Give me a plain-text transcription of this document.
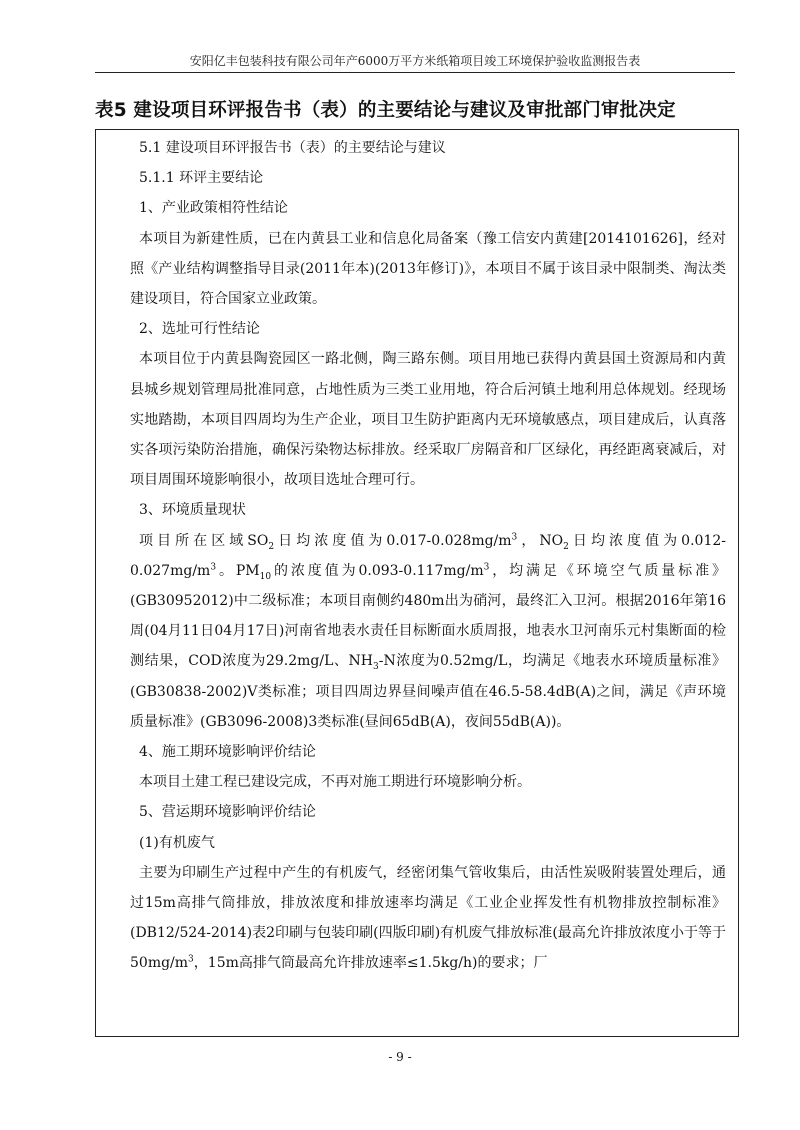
安阳亿丰包装科技有限公司年产6000万平方米纸箱项目竣工环境保护验收监测报告表
表5 建设项目环评报告书（表）的主要结论与建议及审批部门审批决定

5.1 建设项目环评报告书（表）的主要结论与建议

5.1.1 环评主要结论

1、产业政策相符性结论

本项目为新建性质，已在内黄县工业和信息化局备案（豫工信安内黄建[2014101626]，经对照《产业结构调整指导目录(2011年本)(2013年修订)》，本项目不属于该目录中限制类、淘汰类建设项目，符合国家立业政策。

2、选址可行性结论

本项目位于内黄县陶瓷园区一路北侧，陶三路东侧。项目用地已获得内黄县国土资源局和内黄县城乡规划管理局批准同意，占地性质为三类工业用地，符合后河镇土地利用总体规划。经现场实地踏勘，本项目四周均为生产企业，项目卫生防护距离内无环境敏感点，项目建成后，认真落实各项污染防治措施，确保污染物达标排放。经采取厂房隔音和厂区绿化，再经距离衰减后，对项目周围环境影响很小，故项目选址合理可行。

3、环境质量现状

项目所在区域$SO_2$日均浓度值为$0.017-0.028mg/m^3$，$NO_2$日均浓度值为$0.012-0.027mg/m^3$。$PM_{10}$的浓度值为$0.093-0.117mg/m^3$，均满足《环境空气质量标准》(GB30952012)中二级标准；本项目南侧约480m出为硝河，最终汇入卫河。根据2016年第16周(04月11日04月17日)河南省地表水责任目标断面水质周报，地表水卫河南乐元村集断面的检测结果，COD浓度为29.2mg/L、$NH_3-N$浓度为0.52mg/L，均满足《地表水环境质量标准》(GB30838-2002)V类标准；项目四周边界昼间噪声值在46.5-58.4dB(A)之间，满足《声环境质量标准》(GB3096-2008)3类标准(昼间65dB(A)，夜间55dB(A))。

4、施工期环境影响评价结论

本项目土建工程已建设完成，不再对施工期进行环境影响分析。

5、营运期环境影响评价结论

(1)有机废气

主要为印刷生产过程中产生的有机废气，经密闭集气管收集后，由活性炭吸附装置处理后，通过15m高排气筒排放，排放浓度和排放速率均满足《工业企业挥发性有机物排放控制标准》(DB12/524-2014)表2印刷与包装印刷(四版印刷)有机废气排放标准(最高允许排放浓度小于等于$50mg/m^3$，15m高排气筒最高允许排放速率≤1.5kg/h)的要求；厂

- 9 -
